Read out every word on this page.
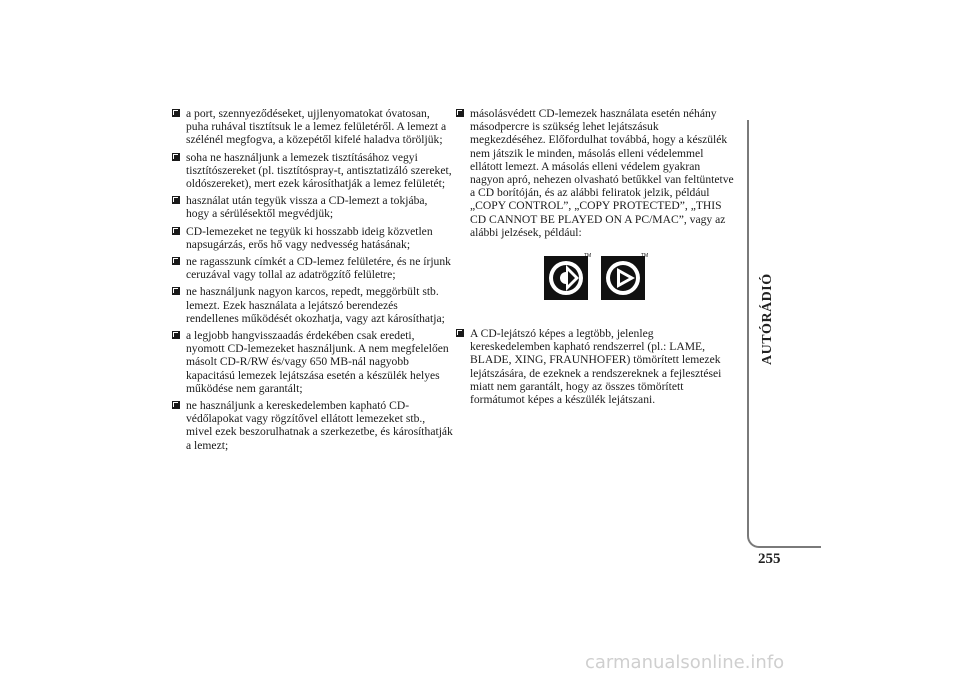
a port, szennyeződéseket, ujjlenyomatokat óvatosan, puha ruhával tisztítsuk le a lemez felületéről. A lemezt a szélénél megfogva, a közepétől kifelé haladva töröljük;
soha ne használjunk a lemezek tisztításához vegyi tisztítószereket (pl. tisztítóspray-t, antisztatizáló szereket, oldószereket), mert ezek károsíthatják a lemez felületét;
használat után tegyük vissza a CD-lemezt a tokjába, hogy a sérülésektől megvédjük;
CD-lemezeket ne tegyük ki hosszabb ideig közvetlen napsugárzás, erős hő vagy nedvesség hatásának;
ne ragasszunk címkét a CD-lemez felületére, és ne írjunk ceruzával vagy tollal az adatrögzítő felületre;
ne használjunk nagyon karcos, repedt, meggörbült stb. lemezt. Ezek használata a lejátszó berendezés rendellenes működését okozhatja, vagy azt károsíthatja;
a legjobb hangvisszaadás érdekében csak eredeti, nyomott CD-lemezeket használjunk. A nem megfelelően másolt CD-R/RW és/vagy 650 MB-nál nagyobb kapacitású lemezek lejátszása esetén a készülék helyes működése nem garantált;
ne használjunk a kereskedelemben kapható CD-védőlapokat vagy rögzítővel ellátott lemezeket stb., mivel ezek beszorulhatnak a szerkezetbe, és károsíthatják a lemezt;
másolásvédett CD-lemezek használata esetén néhány másodpercre is szükség lehet lejátszásuk megkezdéséhez. Előfordulhat továbbá, hogy a készülék nem játszik le minden, másolás elleni védelemmel ellátott lemezt. A másolás elleni védelem gyakran nagyon apró, nehezen olvasható betűkkel van feltüntetve a CD borítóján, és az alábbi feliratok jelzik, például „COPY CONTROL”, „COPY PROTECTED”, „THIS CD CANNOT BE PLAYED ON A PC/MAC”, vagy az alábbi jelzések, például:
TM	TM
A CD-lejátszó képes a legtöbb, jelenleg kereskedelemben kapható rendszerrel (pl.: LAME, BLADE, XING, FRAUNHOFER) tömörített lemezek lejátszására, de ezeknek a rendszereknek a fejlesztései miatt nem garantált, hogy az összes tömörített formátumot képes a készülék lejátszani.
AUTÓRÁDIÓ
255
carmanualsonline.info
